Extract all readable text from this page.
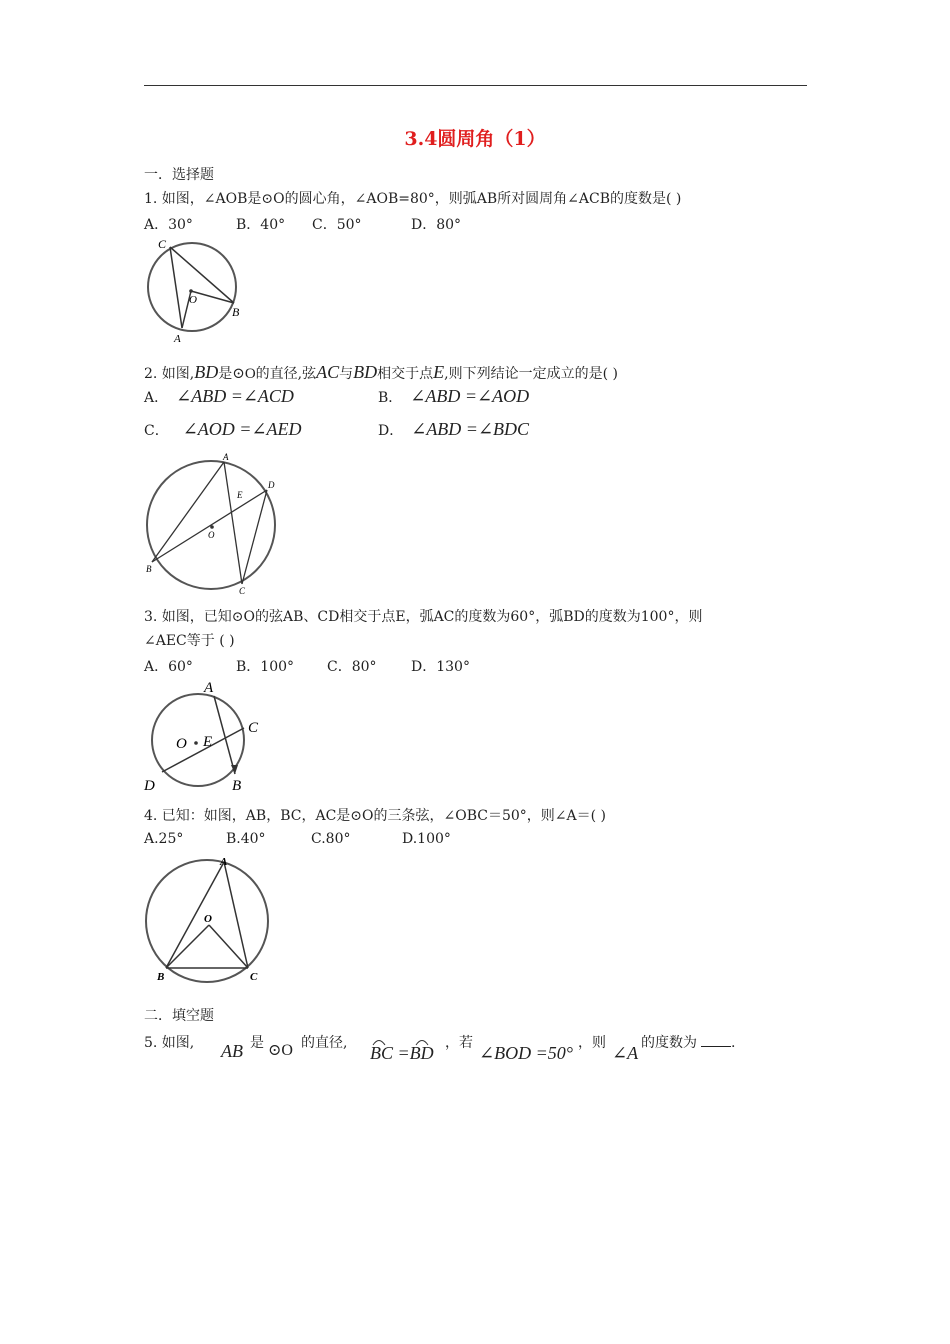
3.4圆周角（1）
一．选择题
1. 如图，∠AOB是⊙O的圆心角，∠AOB=80°，则弧AB所对圆周角∠ACB的度数是( )
A．30°	B．40° C．50°	D．80°
C
O
B
A
2. 如图,BD是⊙O的直径,弦AC与BD相交于点E,则下列结论一定成立的是( )
A． ∠ABD =∠ACD	B． ∠ABD =∠AOD
C． ∠AOD =∠AED	D． ∠ABD =∠BDC
A
D
E
O
B
C
3. 如图，已知⊙O的弦AB、CD相交于点E，弧AC的度数为60°，弧BD的度数为100°，则
∠AEC等于 ( )
A．60°	B．100° C．80° D．130°
A
C
O E
D	B
4. 已知：如图，AB，BC，AC是⊙O的三条弦，∠OBC＝50°，则∠A＝( )
A.25°	B.40°	C.80°	D.100°
A
O
B	C
二．填空题
5. 如图, AB 是 ⊙O 的直径, BC =BD ，若 ∠BOD =50° ，则 ∠A 的度数为 .
